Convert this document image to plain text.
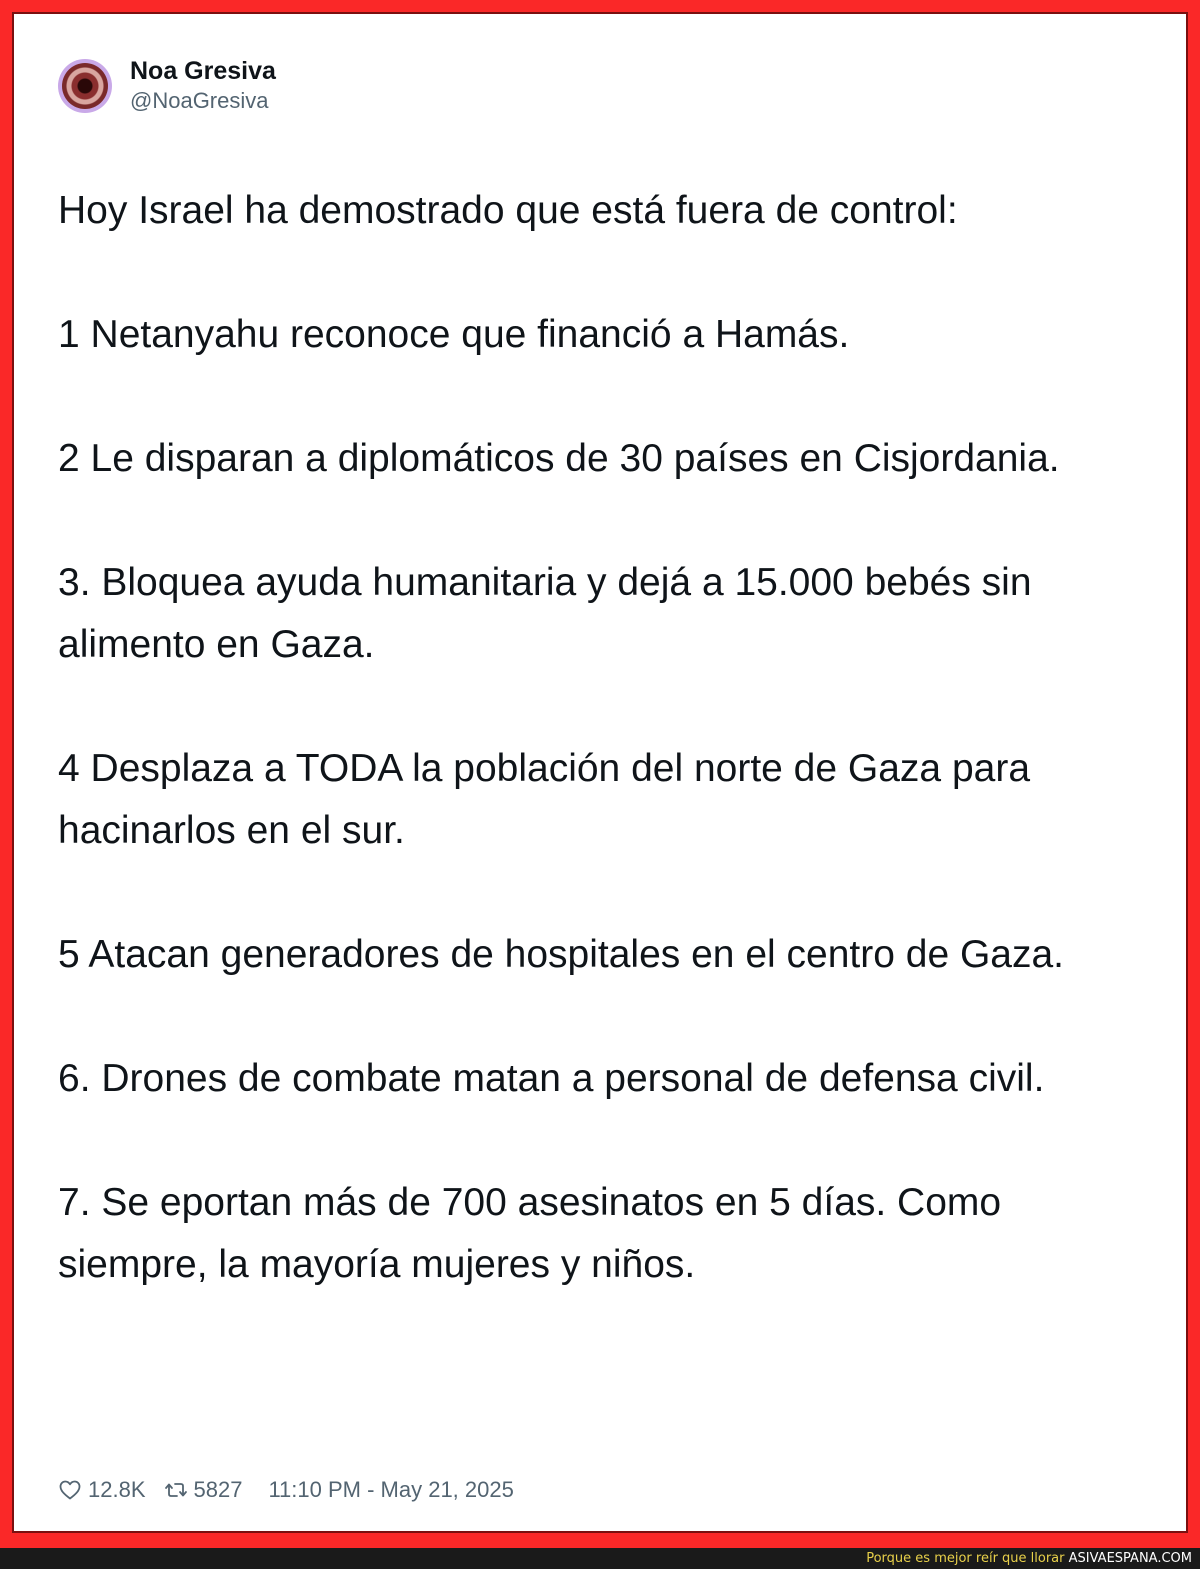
Noa Gresiva
@NoaGresiva

Hoy Israel ha demostrado que está fuera de control:

1 Netanyahu reconoce que financió a Hamás.

2 Le disparan a diplomáticos de 30 países en Cisjordania.

3. Bloquea ayuda humanitaria y dejá a 15.000 bebés sin alimento en Gaza.

4 Desplaza a TODA la población del norte de Gaza para hacinarlos en el sur.

5 Atacan generadores de hospitales en el centro de Gaza.

6. Drones de combate matan a personal de defensa civil.

7. Se eportan más de 700 asesinatos en 5 días. Como siempre, la mayoría mujeres y niños.

12.8K 5827 11:10 PM - May 21, 2025
Porque es mejor reír que llorar ASIVAESPANA.COM
